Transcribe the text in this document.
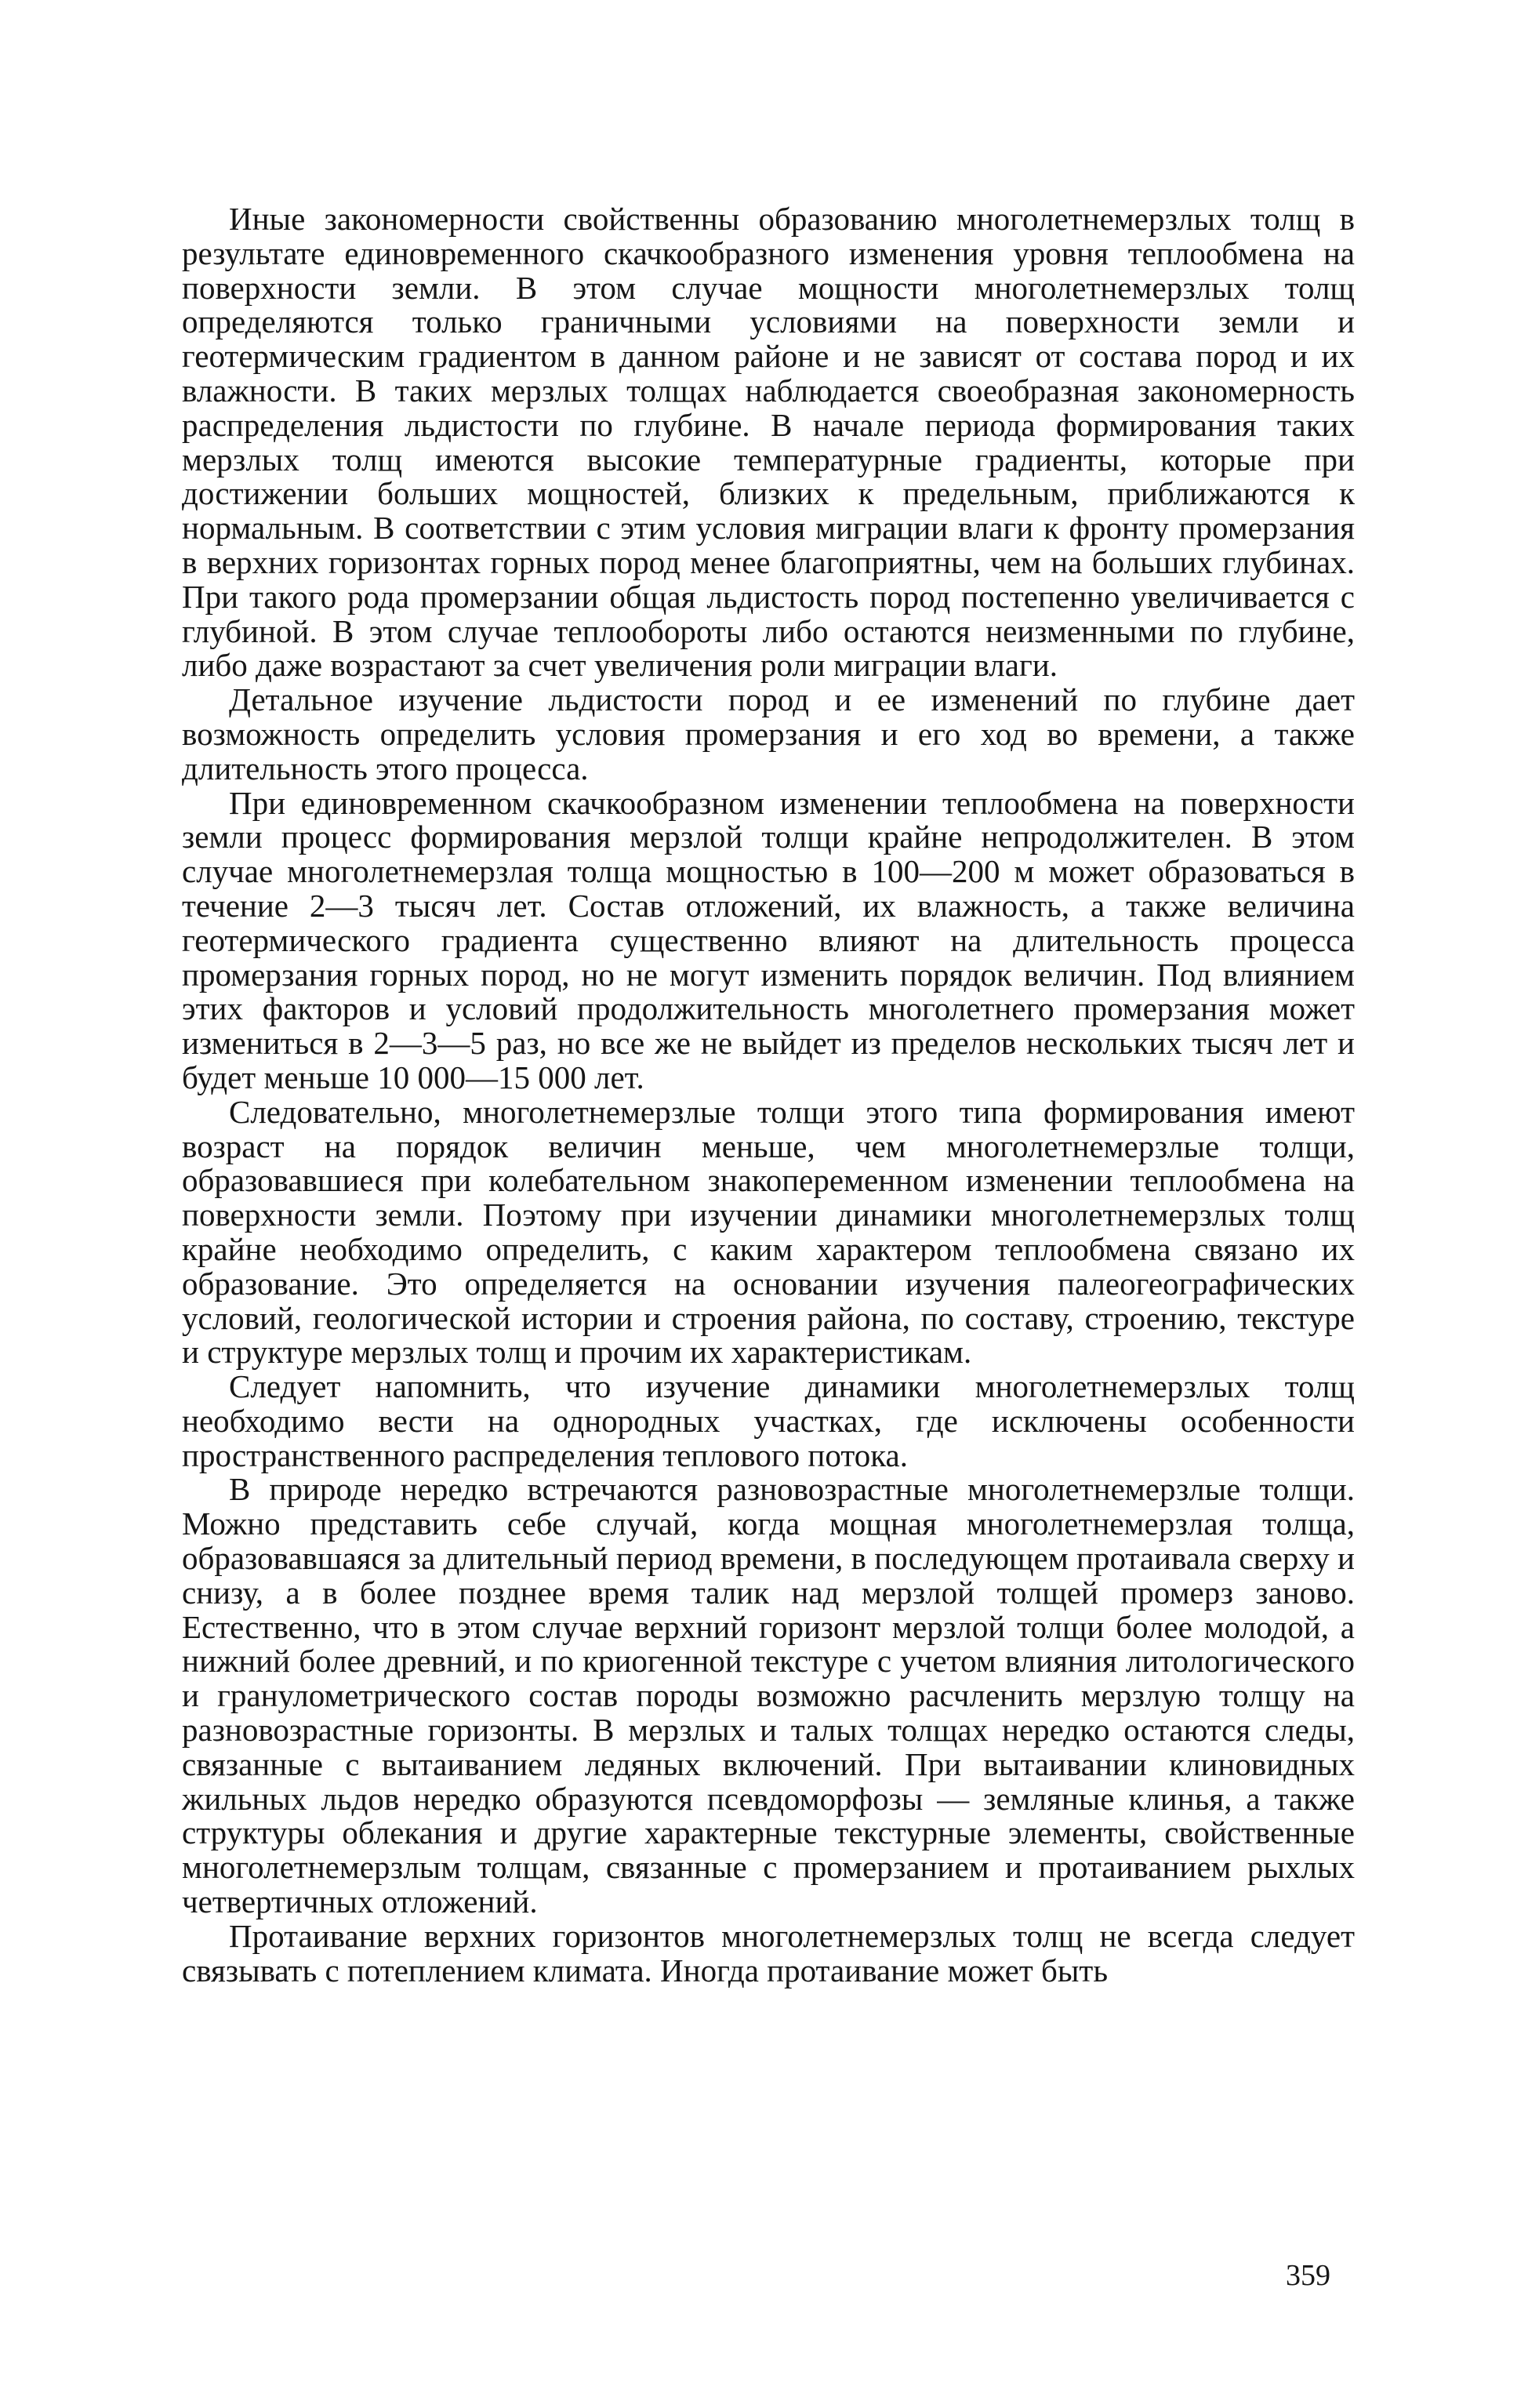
Иные закономерности свойственны образованию многолетнемерзлых толщ в результате единовременного скачкообразного изменения уровня теплообмена на поверхности земли. В этом случае мощности многолетнемерзлых толщ определяются только граничными условиями на поверхности земли и геотермическим градиентом в данном районе и не зависят от состава пород и их влажности. В таких мерзлых толщах наблюдается своеобразная закономерность распределения льдистости по глубине. В начале периода формирования таких мерзлых толщ имеются высокие температурные градиенты, которые при достижении больших мощностей, близких к предельным, приближаются к нормальным. В соответствии с этим условия миграции влаги к фронту промерзания в верхних горизонтах горных пород менее благоприятны, чем на больших глубинах. При такого рода промерзании общая льдистость пород постепенно увеличивается с глубиной. В этом случае теплообороты либо остаются неизменными по глубине, либо даже возрастают за счет увеличения роли миграции влаги.

Детальное изучение льдистости пород и ее изменений по глубине дает возможность определить условия промерзания и его ход во времени, а также длительность этого процесса.

При единовременном скачкообразном изменении теплообмена на поверхности земли процесс формирования мерзлой толщи крайне непродолжителен. В этом случае многолетнемерзлая толща мощностью в 100—200 м может образоваться в течение 2—3 тысяч лет. Состав отложений, их влажность, а также величина геотермического градиента существенно влияют на длительность процесса промерзания горных пород, но не могут изменить порядок величин. Под влиянием этих факторов и условий продолжительность многолетнего промерзания может измениться в 2—3—5 раз, но все же не выйдет из пределов нескольких тысяч лет и будет меньше 10 000—15 000 лет.

Следовательно, многолетнемерзлые толщи этого типа формирования имеют возраст на порядок величин меньше, чем многолетнемерзлые толщи, образовавшиеся при колебательном знакопеременном изменении теплообмена на поверхности земли. Поэтому при изучении динамики многолетнемерзлых толщ крайне необходимо определить, с каким характером теплообмена связано их образование. Это определяется на основании изучения палеогеографических условий, геологической истории и строения района, по составу, строению, текстуре и структуре мерзлых толщ и прочим их характеристикам.

Следует напомнить, что изучение динамики многолетнемерзлых толщ необходимо вести на однородных участках, где исключены особенности пространственного распределения теплового потока.

В природе нередко встречаются разновозрастные многолетнемерзлые толщи. Можно представить себе случай, когда мощная многолетнемерзлая толща, образовавшаяся за длительный период времени, в последующем протаивала сверху и снизу, а в более позднее время талик над мерзлой толщей промерз заново. Естественно, что в этом случае верхний горизонт мерзлой толщи более молодой, а нижний более древний, и по криогенной текстуре с учетом влияния литологического и гранулометрического состав породы возможно расчленить мерзлую толщу на разновозрастные горизонты. В мерзлых и талых толщах нередко остаются следы, связанные с вытаиванием ледяных включений. При вытаивании клиновидных жильных льдов нередко образуются псевдоморфозы — земляные клинья, а также структуры облекания и другие характерные текстурные элементы, свойственные многолетнемерзлым толщам, связанные с промерзанием и протаиванием рыхлых четвертичных отложений.

Протаивание верхних горизонтов многолетнемерзлых толщ не всегда следует связывать с потеплением климата. Иногда протаивание может быть

359
